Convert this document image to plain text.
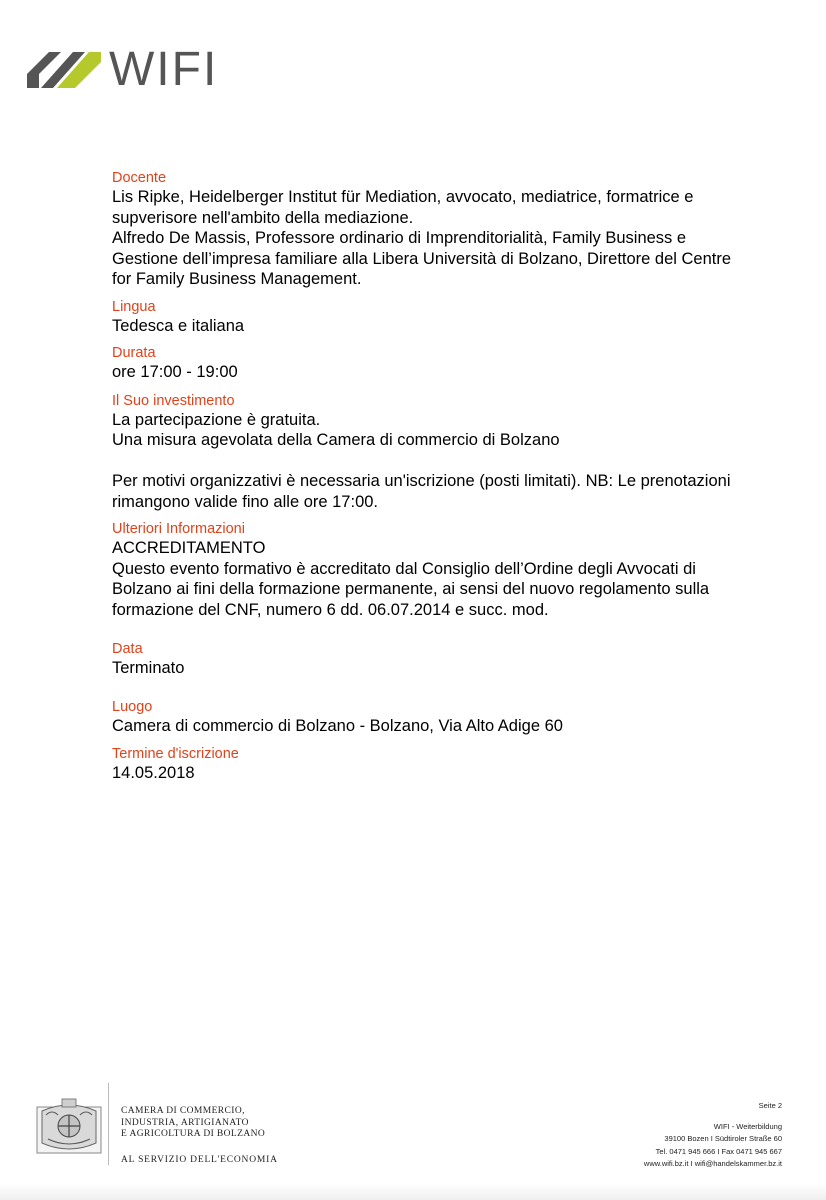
WIFI
Docente

Lis Ripke, Heidelberger Institut für Mediation, avvocato, mediatrice, formatrice e

supverisore nell'ambito della mediazione.

Alfredo De Massis, Professore ordinario di Imprenditorialità, Family Business e

Gestione dell’impresa familiare alla Libera Università di Bolzano, Direttore del Centre

for Family Business Management.

Lingua

Tedesca e italiana

Durata

ore 17:00 - 19:00

Il Suo investimento

La partecipazione è gratuita.

Una misura agevolata della Camera di commercio di Bolzano

Per motivi organizzativi è necessaria un'iscrizione (posti limitati). NB: Le prenotazioni

rimangono valide fino alle ore 17:00.

Ulteriori Informazioni

ACCREDITAMENTO

Questo evento formativo è accreditato dal Consiglio dell’Ordine degli Avvocati di

Bolzano ai fini della formazione permanente, ai sensi del nuovo regolamento sulla

formazione del CNF, numero 6 dd. 06.07.2014 e succ. mod.

Data

Terminato

Luogo

Camera di commercio di Bolzano - Bolzano, Via Alto Adige 60

Termine d'iscrizione

14.05.2018

CAMERA DI COMMERCIO,
INDUSTRIA, ARTIGIANATO
E AGRICOLTURA DI BOLZANO
AL SERVIZIO DELL'ECONOMIA
Seite 2
WIFI - Weiterbildung
39100 Bozen I Südtiroler Straße 60
Tel. 0471 945 666 I Fax 0471 945 667
www.wifi.bz.it I wifi@handelskammer.bz.it
